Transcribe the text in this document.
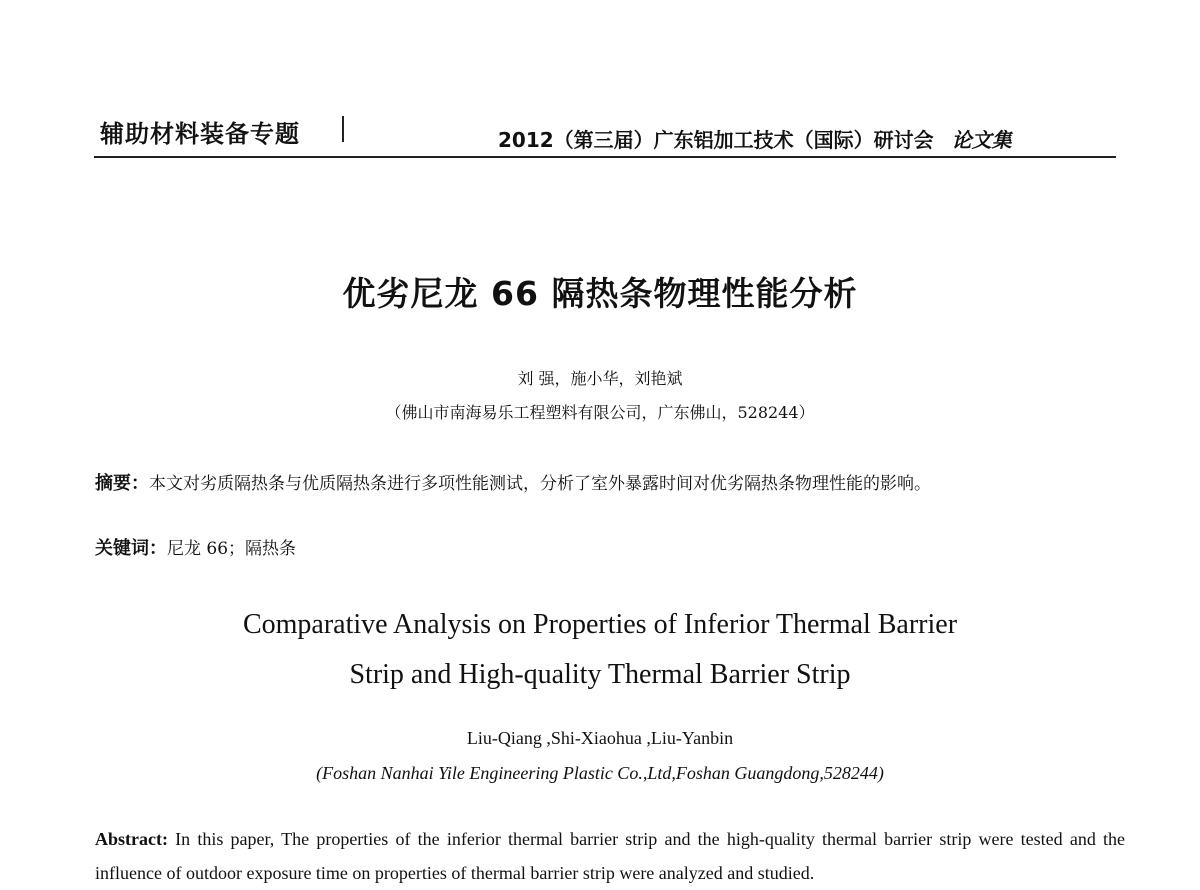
辅助材料装备专题	2012（第三届）广东铝加工技术（国际）研讨会 论文集
优劣尼龙 66 隔热条物理性能分析
刘 强，施小华，刘艳斌
（佛山市南海易乐工程塑料有限公司，广东佛山，528244）
摘要：本文对劣质隔热条与优质隔热条进行多项性能测试，分析了室外暴露时间对优劣隔热条物理性能的影响。
关键词：尼龙 66；隔热条
Comparative Analysis on Properties of Inferior Thermal Barrier
Strip and High-quality Thermal Barrier Strip
Liu-Qiang ,Shi-Xiaohua ,Liu-Yanbin
(Foshan Nanhai Yile Engineering Plastic Co.,Ltd,Foshan Guangdong,528244)
Abstract: In this paper, The properties of the inferior thermal barrier strip and the high-quality thermal barrier strip were tested and the influence of outdoor exposure time on properties of thermal barrier strip were analyzed and studied.
